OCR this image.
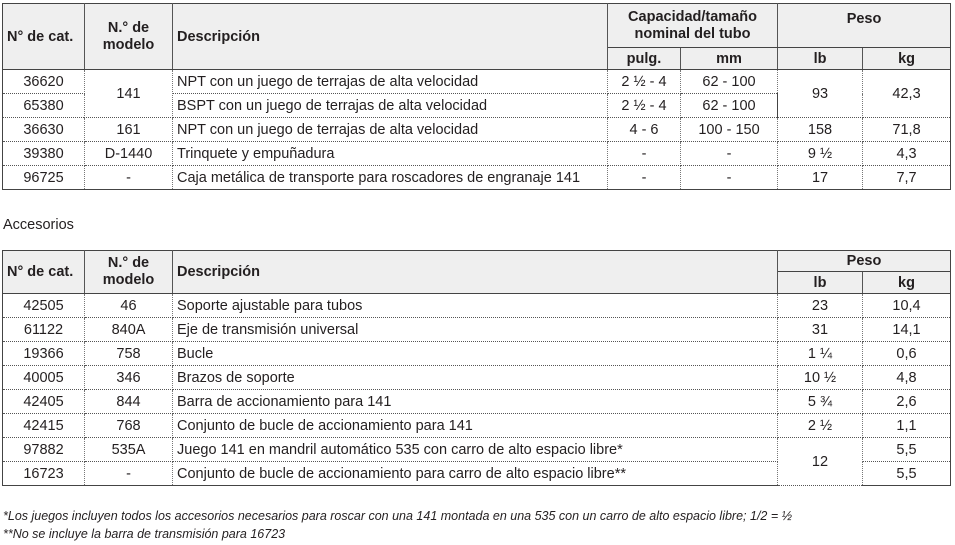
N° de cat.	N.° de modelo	Descripción	Capacidad/tamaño nominal del tubo		Peso	
			pulg.	mm	lb	kg
36620	141	NPT con un juego de terrajas de alta velocidad	2 ½ - 4	62 - 100	93	42,3
65380		BSPT con un juego de terrajas de alta velocidad	2 ½ - 4	62 - 100		
36630	161	NPT con un juego de terrajas de alta velocidad	4 - 6	100 - 150	158	71,8
39380	D-1440	Trinquete y empuñadura	-	-	9 ½	4,3
96725	-	Caja metálica de transporte para roscadores de engranaje 141	-	-	17	7,7
Accesorios
N° de cat.	N.° de modelo	Descripción	Peso	
			lb	kg
42505	46	Soporte ajustable para tubos	23	10,4
61122	840A	Eje de transmisión universal	31	14,1
19366	758	Bucle	1 ¼	0,6
40005	346	Brazos de soporte	10 ½	4,8
42405	844	Barra de accionamiento para 141	5 ¾	2,6
42415	768	Conjunto de bucle de accionamiento para 141	2 ½	1,1
97882	535A	Juego 141 en mandril automático 535 con carro de alto espacio libre*	12	5,5
16723	-	Conjunto de bucle de accionamiento para carro de alto espacio libre**		5,5
*Los juegos incluyen todos los accesorios necesarios para roscar con una 141 montada en una 535 con un carro de alto espacio libre; 1/2 = ½
**No se incluye la barra de transmisión para 16723
